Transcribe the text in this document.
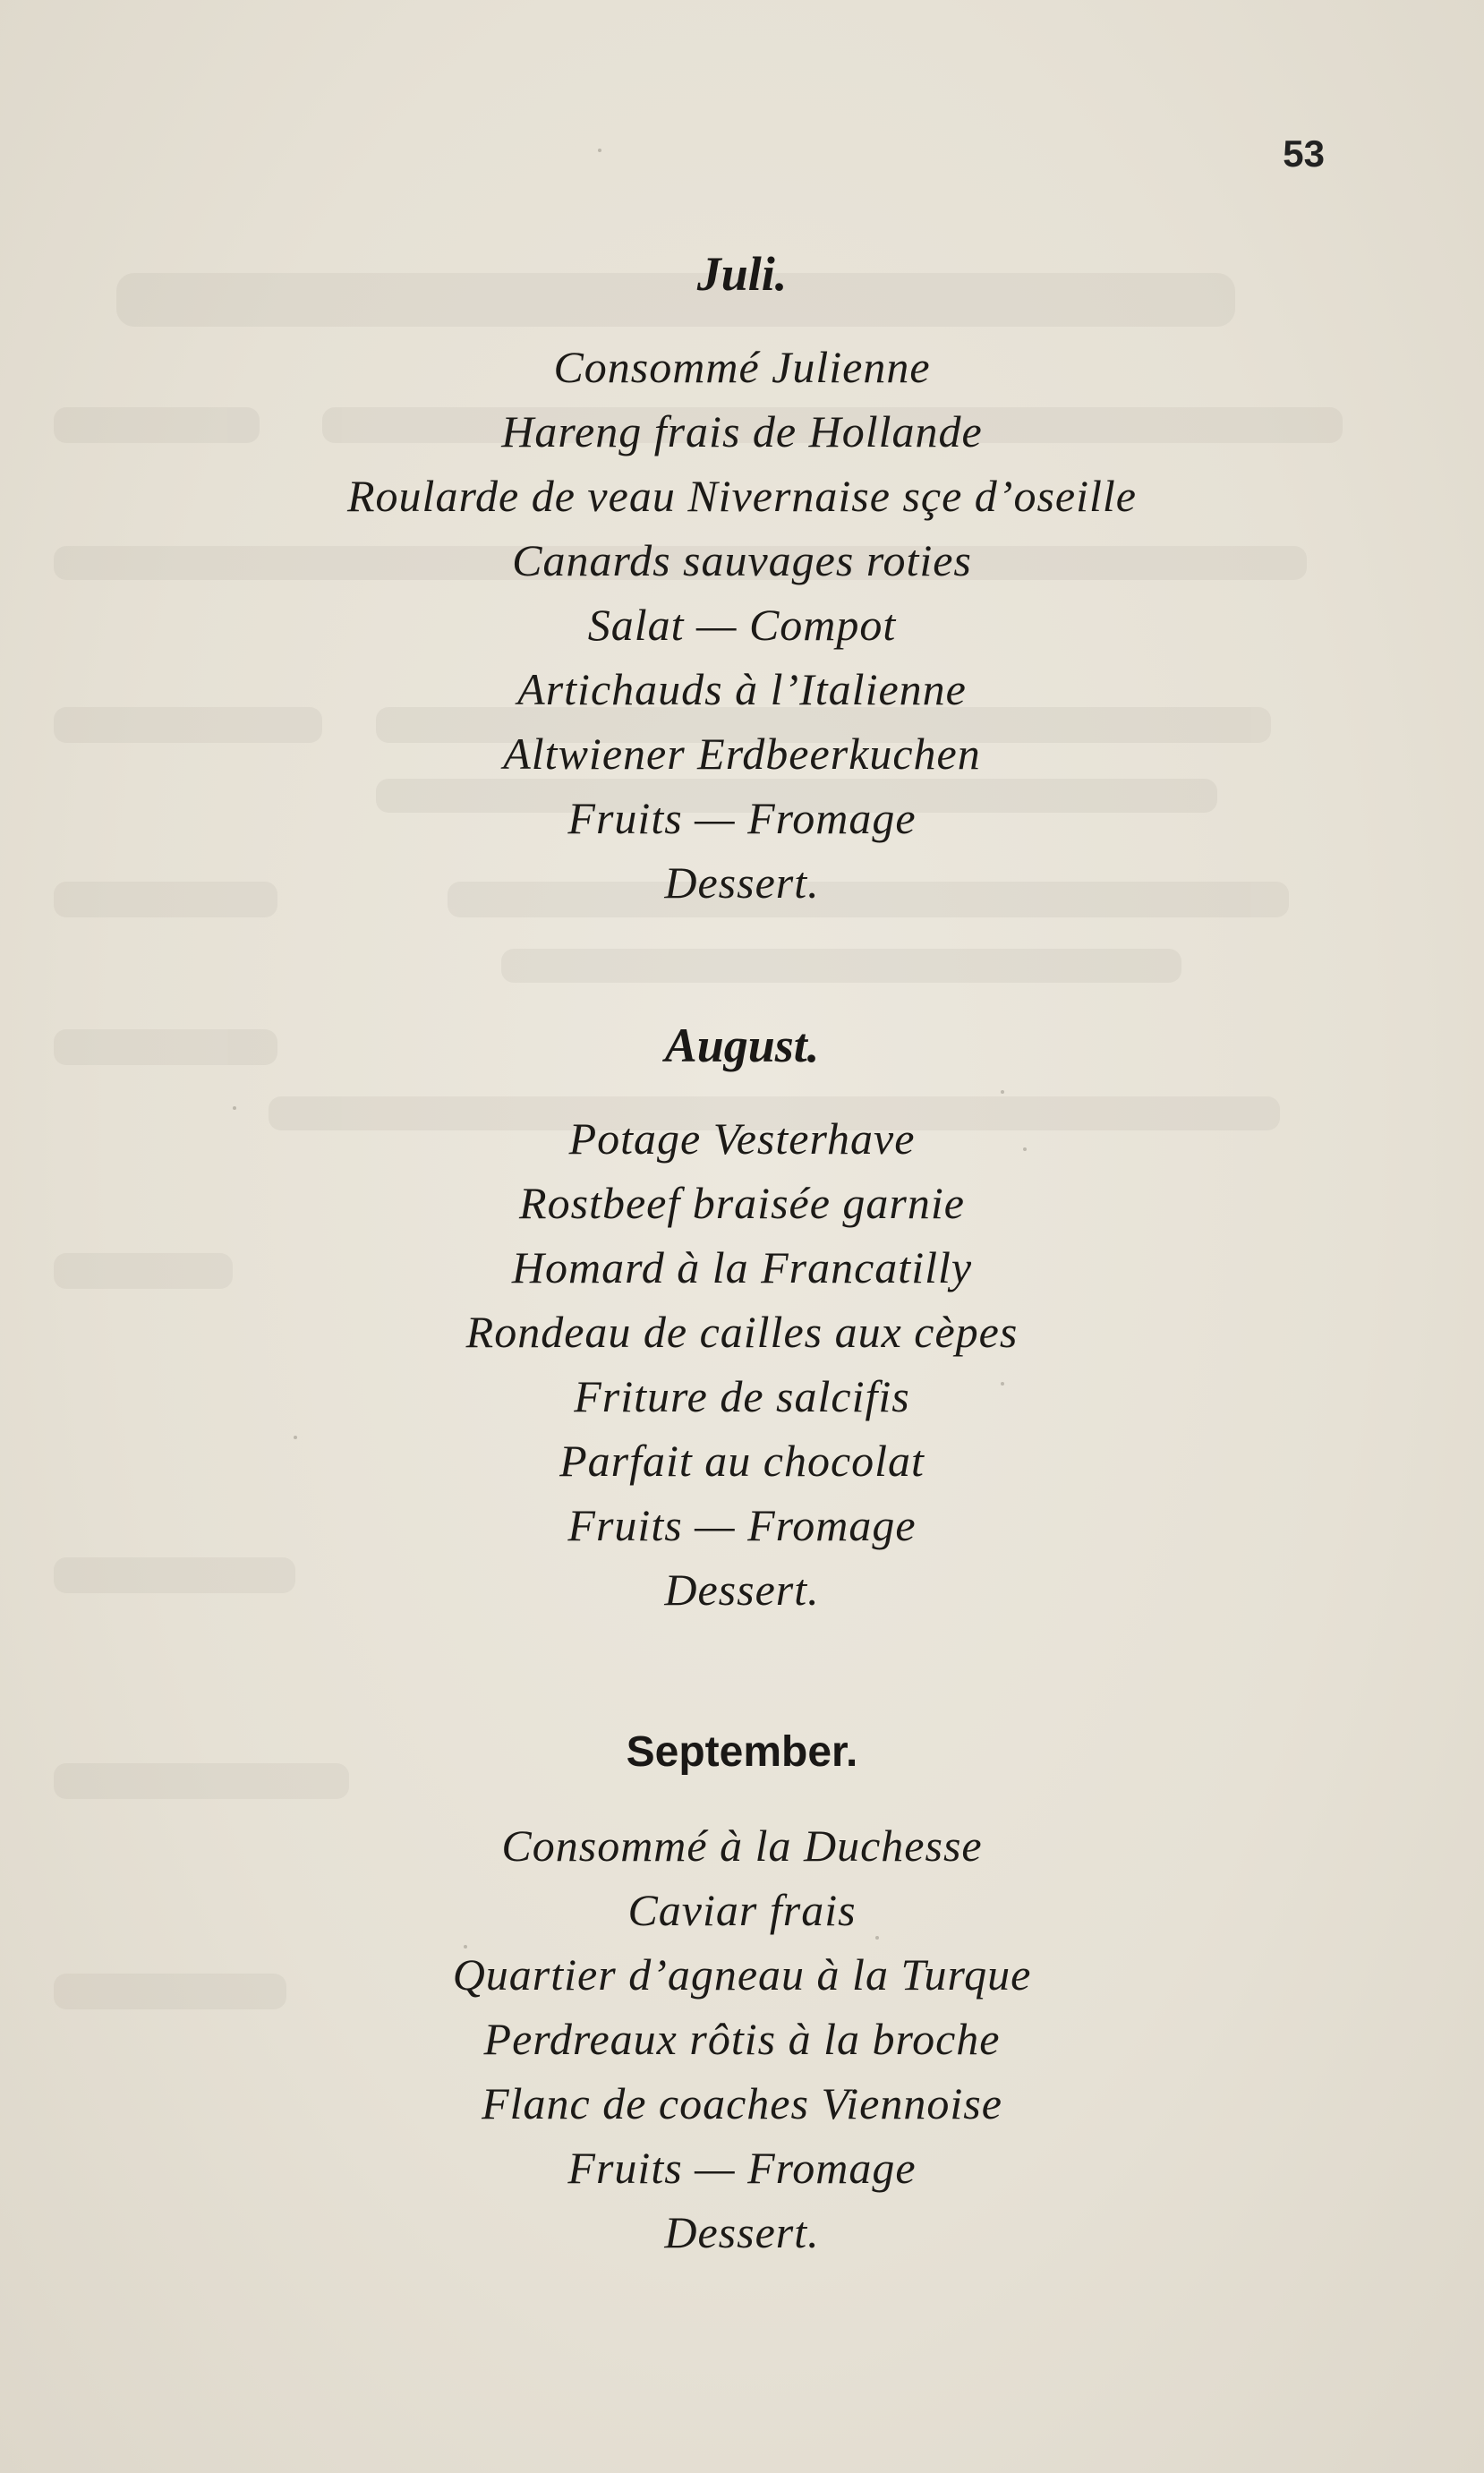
53
Juli.
Consommé Julienne
Hareng frais de Hollande
Roularde de veau Nivernaise sçe d’oseille
Canards sauvages roties
Salat — Compot
Artichauds à l’Italienne
Altwiener Erdbeerkuchen
Fruits — Fromage
Dessert.
August.
Potage Vesterhave
Rostbeef braisée garnie
Homard à la Francatilly
Rondeau de cailles aux cèpes
Friture de salcifis
Parfait au chocolat
Fruits — Fromage
Dessert.
September.
Consommé à la Duchesse
Caviar frais
Quartier d’agneau à la Turque
Perdreaux rôtis à la broche
Flanc de coaches Viennoise
Fruits — Fromage
Dessert.
